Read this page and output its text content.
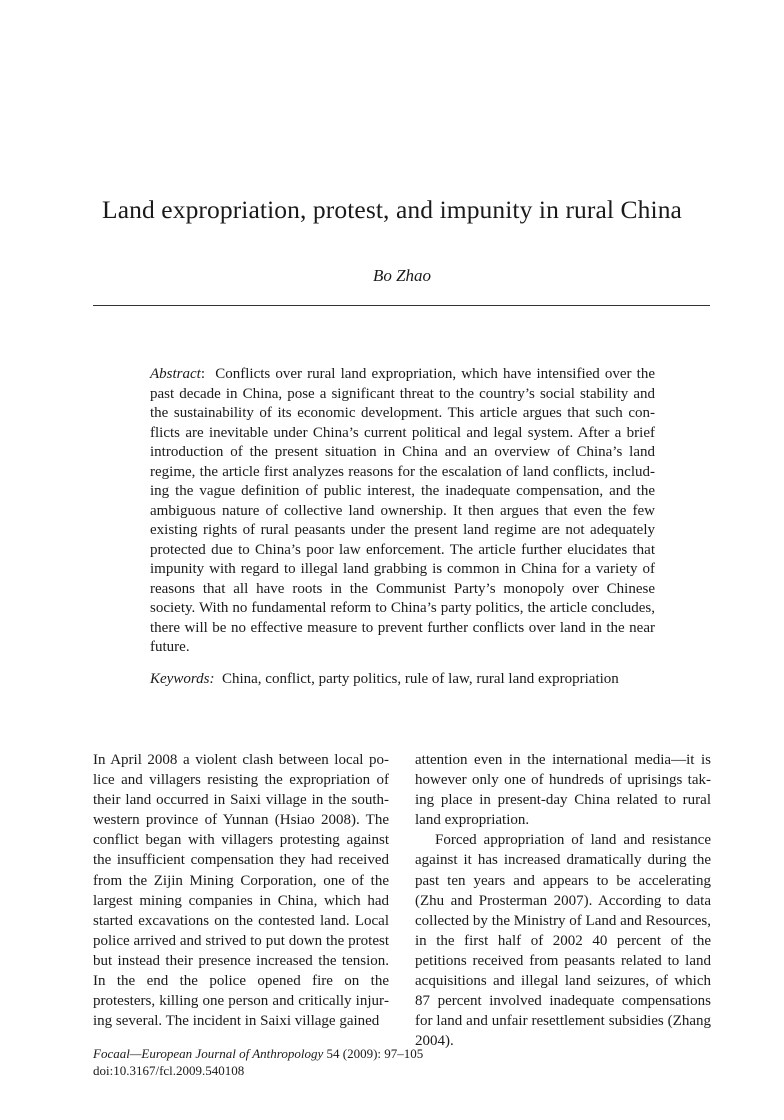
Land expropriation, protest, and impunity in rural China
Bo Zhao

Abstract:  Conflicts over rural land expropriation, which have intensified over the past decade in China, pose a significant threat to the country’s social stability and the sustainability of its economic development. This article argues that such conflicts are inevitable under China’s current political and legal system. After a brief introduction of the present situation in China and an overview of China’s land regime, the article first analyzes reasons for the escalation of land conflicts, including the vague definition of public interest, the inadequate compensation, and the ambiguous nature of collective land ownership. It then argues that even the few existing rights of rural peasants under the present land regime are not adequately protected due to China’s poor law enforcement. The article further elucidates that impunity with regard to illegal land grabbing is common in China for a variety of reasons that all have roots in the Communist Party’s monopoly over Chinese society. With no fundamental reform to China’s party politics, the article concludes, there will be no effective measure to prevent further conflicts over land in the near future.

Keywords:  China, conflict, party politics, rule of law, rural land expropriation

In April 2008 a violent clash between local police and villagers resisting the expropriation of their land occurred in Saixi village in the southwestern province of Yunnan (Hsiao 2008). The conflict began with villagers protesting against the insufficient compensation they had received from the Zijin Mining Corporation, one of the largest mining companies in China, which had started excavations on the contested land. Local police arrived and strived to put down the protest but instead their presence increased the tension. In the end the police opened fire on the protesters, killing one person and critically injuring several. The incident in Saixi village gained

attention even in the international media—it is however only one of hundreds of uprisings taking place in present-day China related to rural land expropriation.

Forced appropriation of land and resistance against it has increased dramatically during the past ten years and appears to be accelerating (Zhu and Prosterman 2007). According to data collected by the Ministry of Land and Resources, in the first half of 2002 40 percent of the petitions received from peasants related to land acquisitions and illegal land seizures, of which 87 percent involved inadequate compensations for land and unfair resettlement subsidies (Zhang 2004).

Focaal—European Journal of Anthropology 54 (2009): 97–105
doi:10.3167/fcl.2009.540108
